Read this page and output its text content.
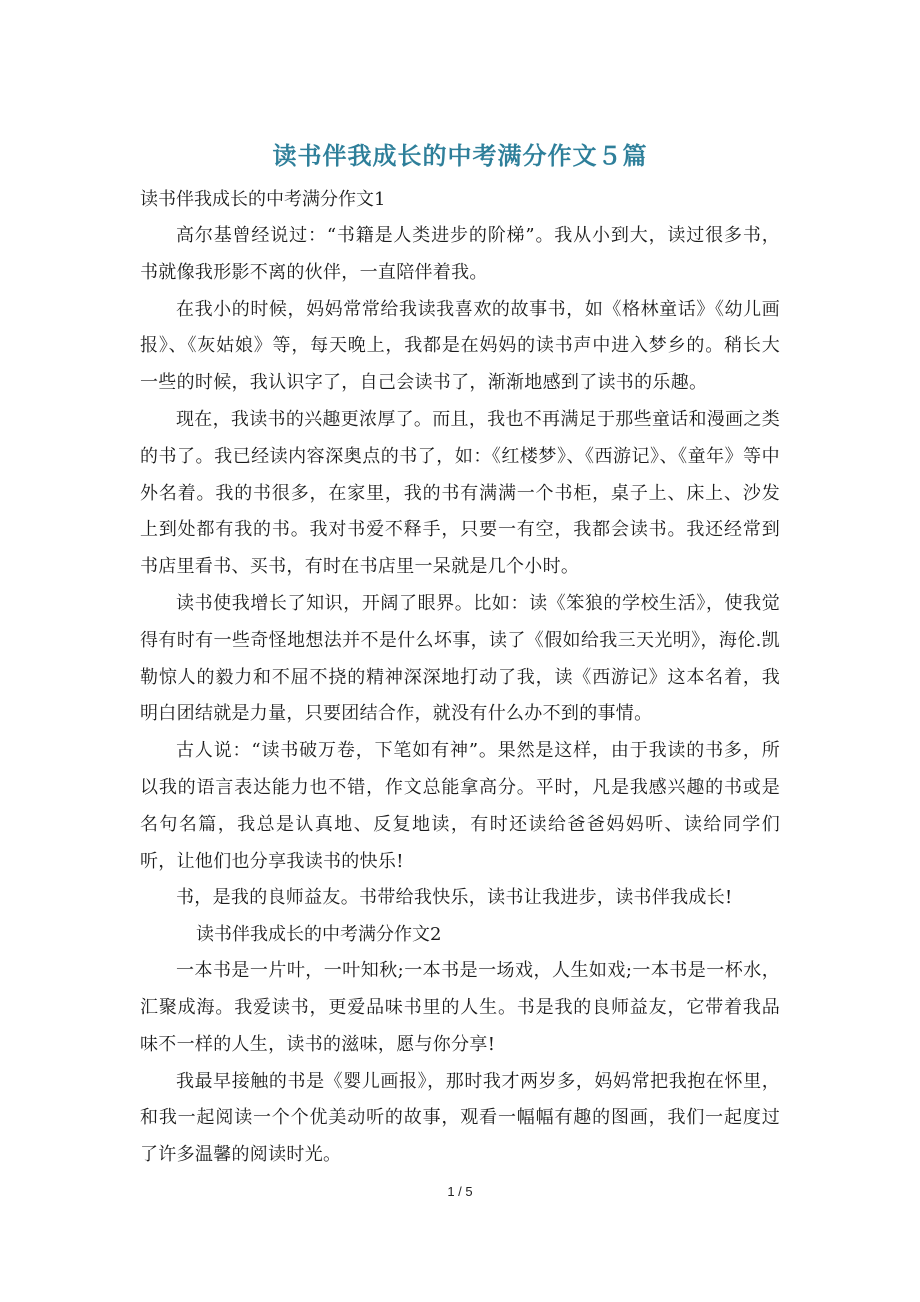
读书伴我成长的中考满分作文５篇
读书伴我成长的中考满分作文1

高尔基曾经说过：“书籍是人类进步的阶梯”。我从小到大，读过很多书，书就像我形影不离的伙伴，一直陪伴着我。

在我小的时候，妈妈常常给我读我喜欢的故事书，如《格林童话》《幼儿画报》、《灰姑娘》等，每天晚上，我都是在妈妈的读书声中进入梦乡的。稍长大一些的时候，我认识字了，自己会读书了，渐渐地感到了读书的乐趣。

现在，我读书的兴趣更浓厚了。而且，我也不再满足于那些童话和漫画之类的书了。我已经读内容深奥点的书了，如：《红楼梦》、《西游记》、《童年》等中外名着。我的书很多，在家里，我的书有满满一个书柜，桌子上、床上、沙发上到处都有我的书。我对书爱不释手，只要一有空，我都会读书。我还经常到书店里看书、买书，有时在书店里一呆就是几个小时。

读书使我增长了知识，开阔了眼界。比如：读《笨狼的学校生活》，使我觉得有时有一些奇怪地想法并不是什么坏事，读了《假如给我三天光明》，海伦.凯勒惊人的毅力和不屈不挠的精神深深地打动了我，读《西游记》这本名着，我明白团结就是力量，只要团结合作，就没有什么办不到的事情。

古人说：“读书破万卷，下笔如有神”。果然是这样，由于我读的书多，所以我的语言表达能力也不错，作文总能拿高分。平时，凡是我感兴趣的书或是名句名篇，我总是认真地、反复地读，有时还读给爸爸妈妈听、读给同学们听，让他们也分享我读书的快乐!

书，是我的良师益友。书带给我快乐，读书让我进步，读书伴我成长!

读书伴我成长的中考满分作文2

一本书是一片叶，一叶知秋;一本书是一场戏，人生如戏;一本书是一杯水，汇聚成海。我爱读书，更爱品味书里的人生。书是我的良师益友，它带着我品味不一样的人生，读书的滋味，愿与你分享!

我最早接触的书是《婴儿画报》，那时我才两岁多，妈妈常把我抱在怀里，和我一起阅读一个个优美动听的故事，观看一幅幅有趣的图画，我们一起度过了许多温馨的阅读时光。

1 / 5
